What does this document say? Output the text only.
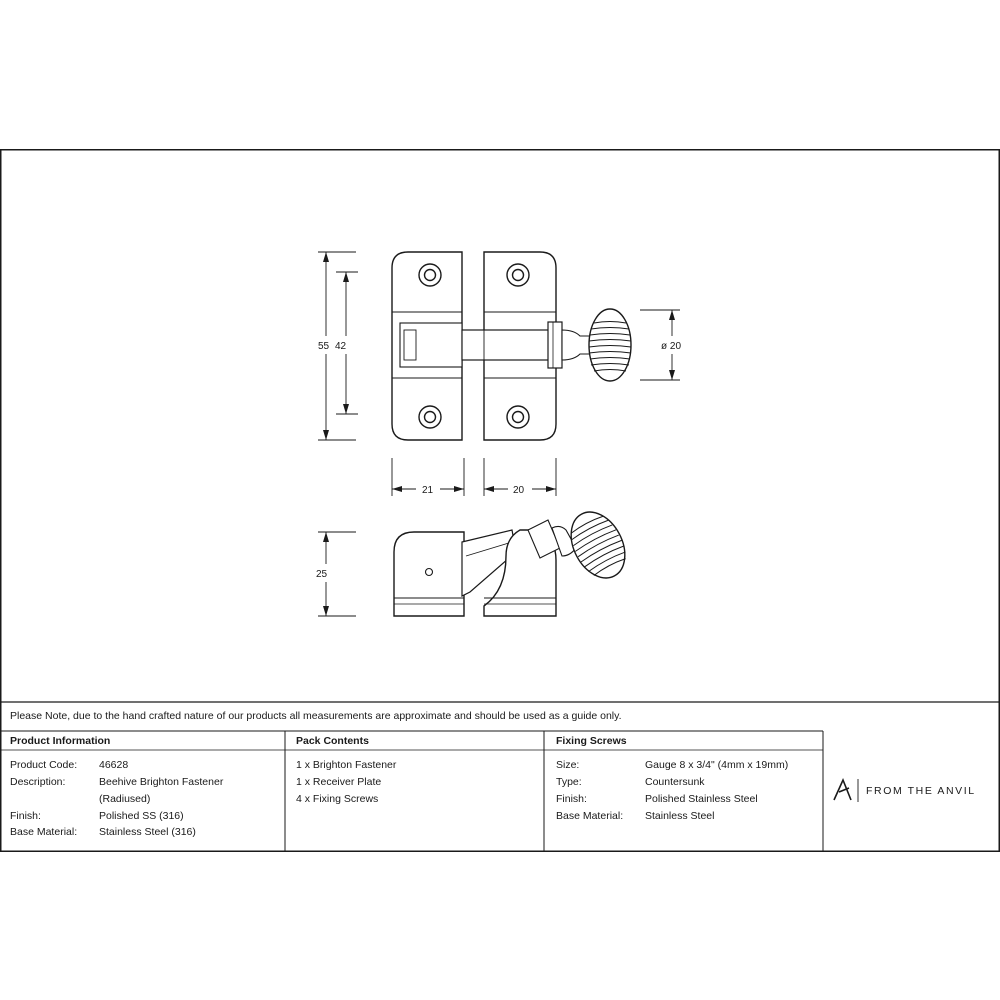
55 42	ø 20
21	20
25
Please Note, due to the hand crafted nature of our products all measurements are approximate and should be used as a guide only.
Product Information
Product Code: 46628
Description:	Beehive Brighton Fastener
(Radiused)
Finish:	Polished SS (316)
Base Material: Stainless Steel (316)
Pack Contents
1 x Brighton Fastener
1 x Receiver Plate
4 x Fixing Screws
Fixing Screws
Size:	Gauge 8 x 3/4" (4mm x 19mm)
Type:	Countersunk
Finish:	Polished Stainless Steel
Base Material: Stainless Steel
FROM THE ANVIL
